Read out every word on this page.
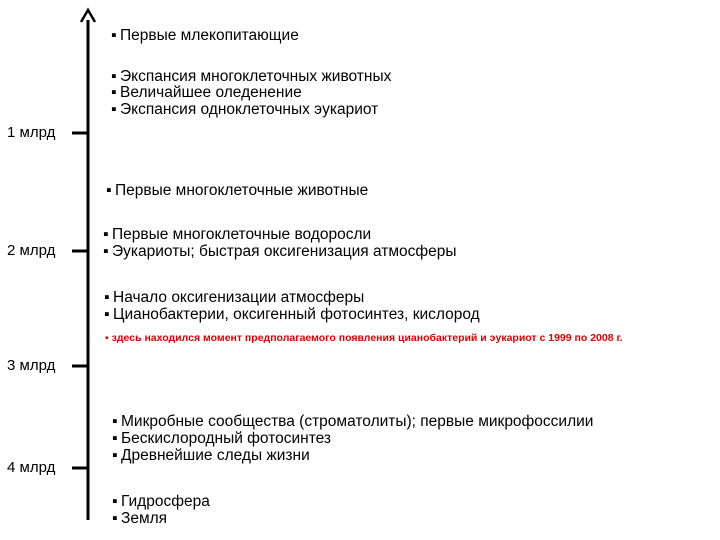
1 млрд
2 млрд
3 млрд
4 млрд
▪ Первые млекопитающие
▪ Экспансия многоклеточных животных
▪ Величайшее оледенение
▪ Экспансия одноклеточных эукариот
▪ Первые многоклеточные животные
▪ Первые многоклеточные водоросли
▪ Эукариоты; быстрая оксигенизация атмосферы
▪ Начало оксигенизации атмосферы
▪ Цианобактерии, оксигенный фотосинтез, кислород
▪ здесь находился момент предполагаемого появления цианобактерий и эукариот с 1999 по 2008 г.
▪ Микробные сообщества (строматолиты); первые микрофоссилии
▪ Бескислородный фотосинтез
▪ Древнейшие следы жизни
▪ Гидросфера
▪ Земля
